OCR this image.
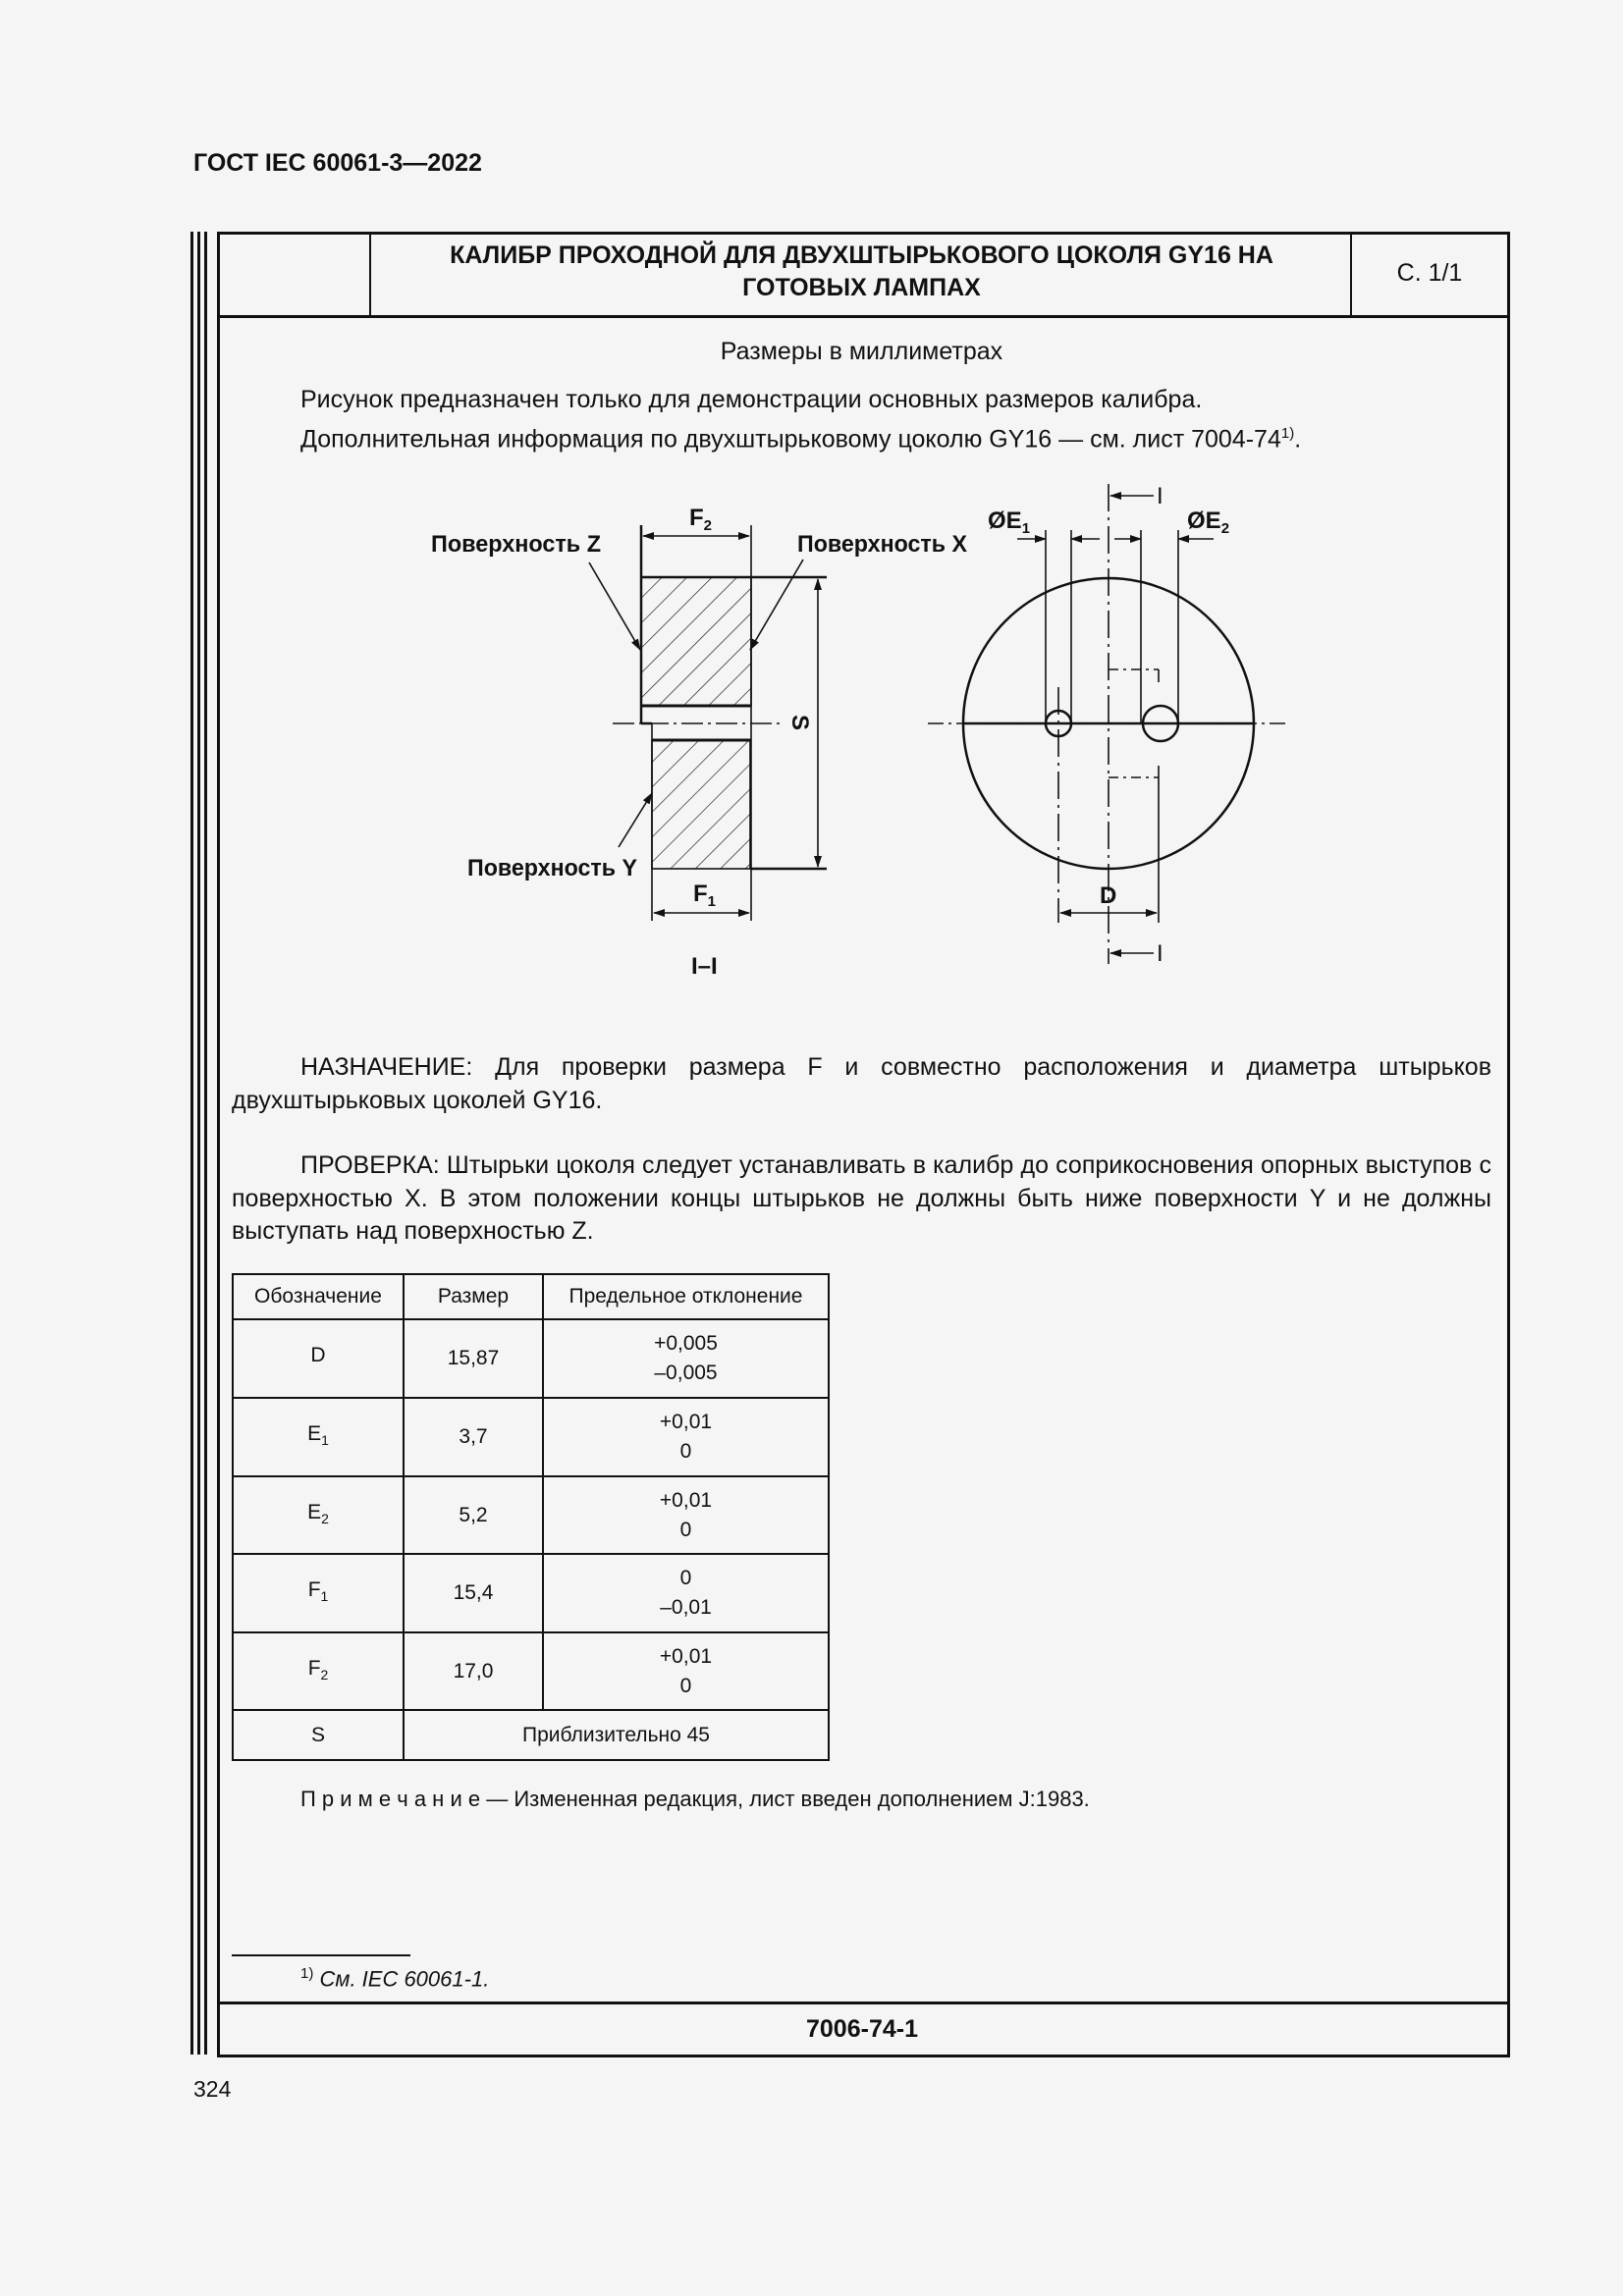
ГОСТ IEC 60061-3—2022
КАЛИБР ПРОХОДНОЙ ДЛЯ ДВУХШТЫРЬКОВОГО ЦОКОЛЯ GY16 НА ГОТОВЫХ ЛАМПАХ
С. 1/1
Размеры в миллиметрах
Рисунок предназначен только для демонстрации основных размеров калибра.
Дополнительная информация по двухштырьковому цоколю GY16 — см. лист 7004-74$^{1)}$.
Поверхность Z	Поверхность X
Поверхность Y
$F_2$
$F_1$
S
I–I
$ØE_1$	$ØE_2$
D
I
I
НАЗНАЧЕНИЕ: Для проверки размера F и совместно расположения и диаметра штырьков двухштырьковых цоколей GY16.
ПРОВЕРКА: Штырьки цоколя следует устанавливать в калибр до соприкосновения опорных выступов с поверхностью X. В этом положении концы штырьков не должны быть ниже поверхности Y и не должны выступать над поверхностью Z.
Обозначение	Размер	Предельное отклонение
D	15,87	+0,005
–0,005

$E_1$	3,7	+0,01
0

$E_2$	5,2	+0,01
0

$F_1$	15,4	0
–0,01

$F_2$	17,0	+0,01
0

S	Приблизительно 45	
П р и м е ч а н и е — Измененная редакция, лист введен дополнением J:1983.
$^{1)}$ См. IEC 60061-1.
7006-74-1
324
